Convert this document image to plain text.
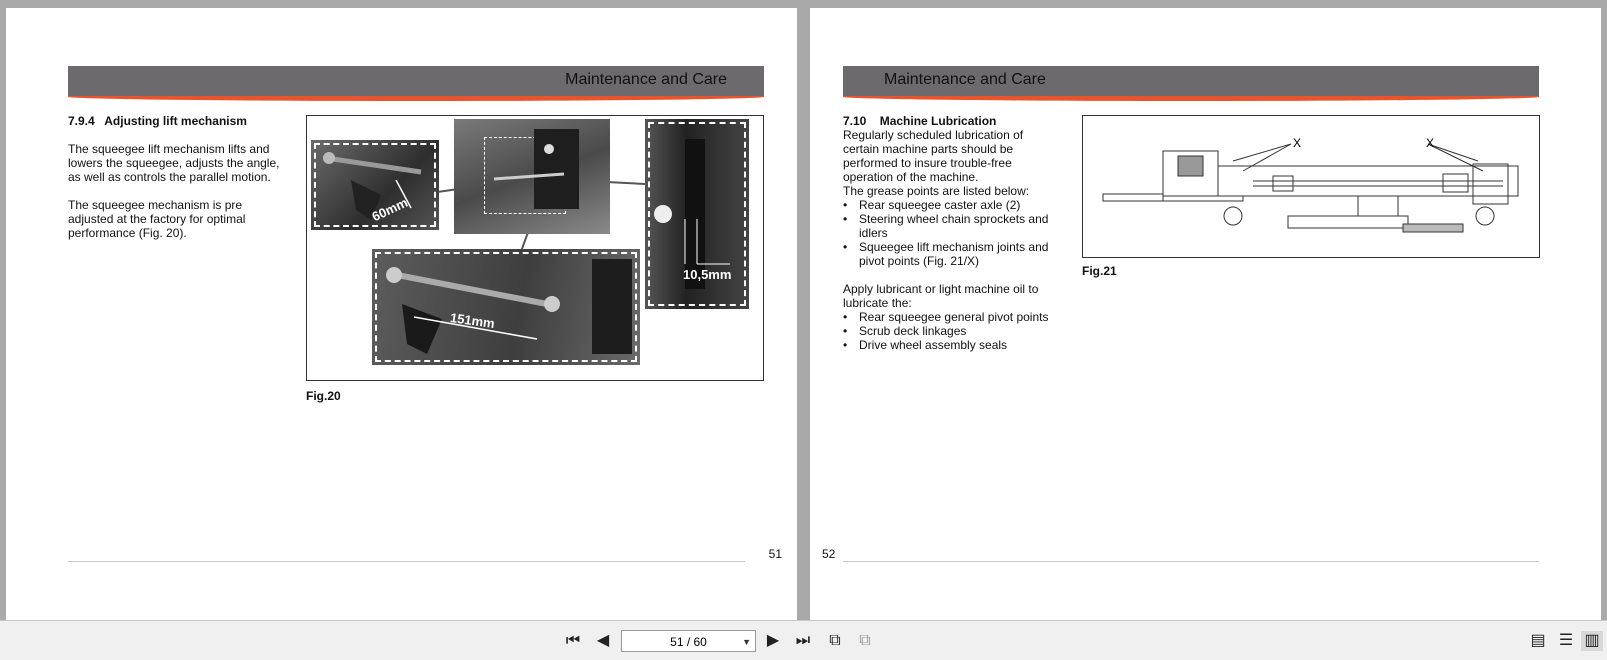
Maintenance and Care
7.9.4 Adjusting lift mechanism

The squeegee lift mechanism lifts and lowers the squeegee, adjusts the angle, as well as controls the parallel motion.

The squeegee mechanism is pre adjusted at the factory for optimal performance (Fig. 20).

60mm
10,5mm
151mm
Fig.20
51
Maintenance and Care
7.10 Machine Lubrication
Regularly scheduled lubrication of certain machine parts should be performed to insure trouble-free operation of the machine.
The grease points are listed below:
• Rear squeegee caster axle (2)
• Steering wheel chain sprockets and idlers
• Squeegee lift mechanism joints and pivot points (Fig. 21/X)
Apply lubricant or light machine oil to lubricate the:
• Rear squeegee general pivot points
• Scrub deck linkages
• Drive wheel assembly seals
X	X
Fig.21
52
⏮	◀	51 / 60	▼ ▶	⏭	⧉	⧉	▤ ☰ ▥
